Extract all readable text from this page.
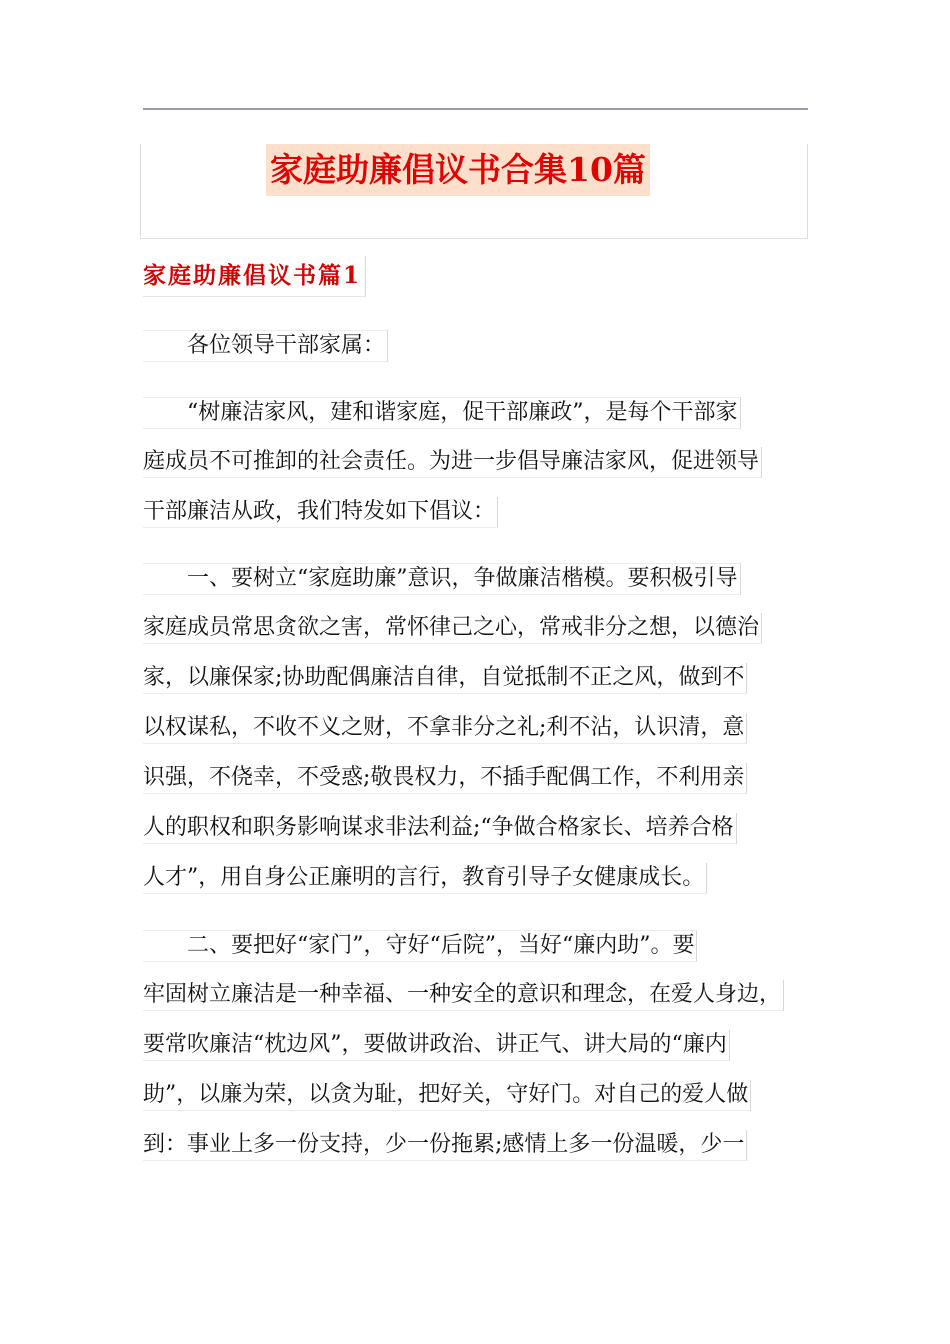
家庭助廉倡议书合集10篇
家庭助廉倡议书篇1
各位领导干部家属：
“树廉洁家风，建和谐家庭，促干部廉政”，是每个干部家
庭成员不可推卸的社会责任。为进一步倡导廉洁家风，促进领导
干部廉洁从政，我们特发如下倡议：
一、要树立“家庭助廉”意识，争做廉洁楷模。要积极引导
家庭成员常思贪欲之害，常怀律己之心，常戒非分之想，以德治
家，以廉保家;协助配偶廉洁自律，自觉抵制不正之风，做到不
以权谋私，不收不义之财，不拿非分之礼;利不沾，认识清，意
识强，不侥幸，不受惑;敬畏权力，不插手配偶工作，不利用亲
人的职权和职务影响谋求非法利益;“争做合格家长、培养合格
人才”，用自身公正廉明的言行，教育引导子女健康成长。
二、要把好“家门”，守好“后院”，当好“廉内助”。要
牢固树立廉洁是一种幸福、一种安全的意识和理念，在爱人身边，
要常吹廉洁“枕边风”，要做讲政治、讲正气、讲大局的“廉内
助”，以廉为荣，以贪为耻，把好关，守好门。对自己的爱人做
到：事业上多一份支持，少一份拖累;感情上多一份温暖，少一
